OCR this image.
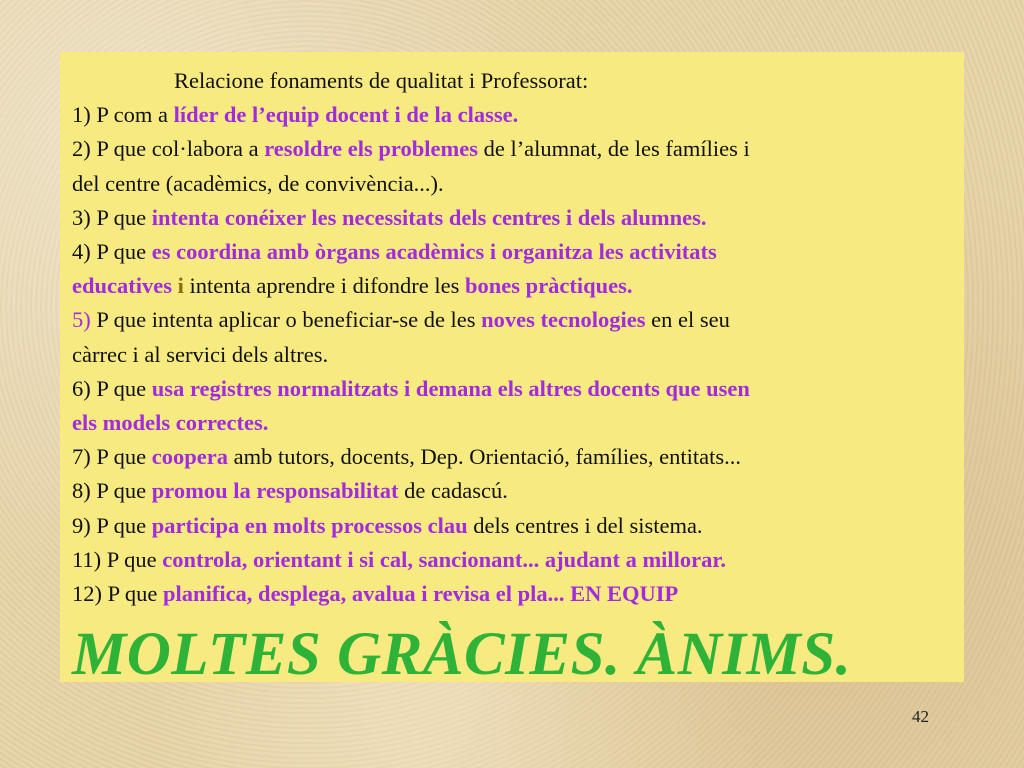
Relacione fonaments de qualitat i Professorat:
1) P com a líder de l’equip docent i de la classe.
2) P que col·labora a resoldre els problemes de l’alumnat, de les famílies i
del centre (acadèmics, de convivència...).
3) P que intenta conéixer les necessitats dels centres i dels alumnes.
4) P que es coordina amb òrgans acadèmics i organitza les activitats
educatives i intenta aprendre i difondre les bones pràctiques.
5) P que intenta aplicar o beneficiar-se de les noves tecnologies en el seu
càrrec i al servici dels altres.
6) P que usa registres normalitzats i demana els altres docents que usen
els models correctes.
7) P que coopera amb tutors, docents, Dep. Orientació, famílies, entitats...
8) P que promou la responsabilitat de cadascú.
9) P que participa en molts processos clau dels centres i del sistema.
11) P que controla, orientant i si cal, sancionant... ajudant a millorar.
12) P que planifica, desplega, avalua i revisa el pla... EN EQUIP
MOLTES GRÀCIES. ÀNIMS.
42
